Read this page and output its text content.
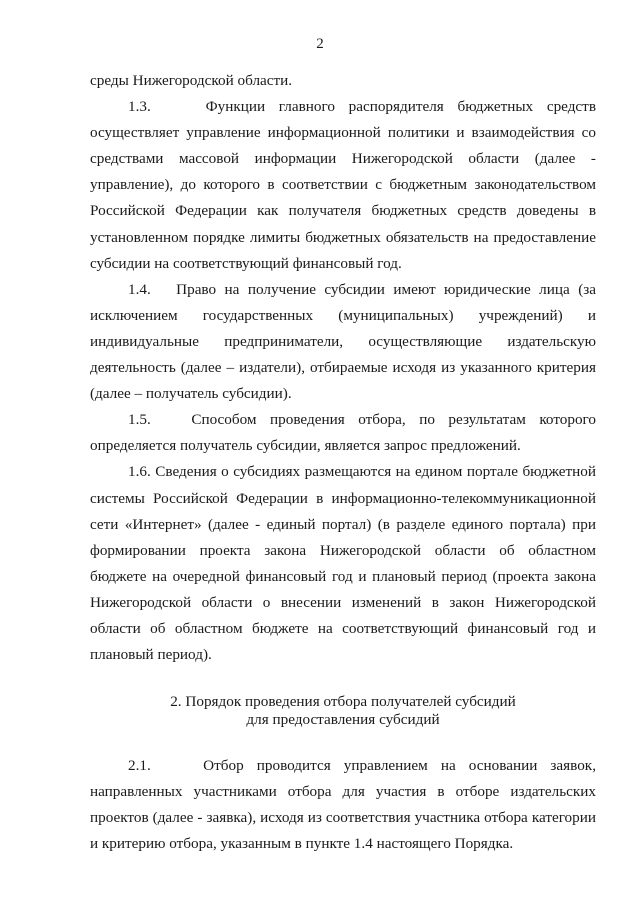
2

среды Нижегородской области.

1.3.    Функции главного распорядителя бюджетных средств осуществляет управление информационной политики и взаимодействия со средствами массовой информации Нижегородской области (далее - управление), до которого в соответствии с бюджетным законодательством Российской Федерации как получателя бюджетных средств доведены в установленном порядке лимиты бюджетных обязательств на предоставление субсидии на соответствующий финансовый год.

1.4.   Право на получение субсидии имеют юридические лица (за исключением государственных (муниципальных) учреждений) и индивидуальные предприниматели, осуществляющие издательскую деятельность (далее – издатели), отбираемые исходя из указанного критерия (далее – получатель субсидии).

1.5.   Способом проведения отбора, по результатам которого определяется получатель субсидии, является запрос предложений.

1.6. Сведения о субсидиях размещаются на едином портале бюджетной системы Российской Федерации в информационно-телекоммуникационной сети «Интернет» (далее - единый портал) (в разделе единого портала) при формировании проекта закона Нижегородской области об областном бюджете на очередной финансовый год и плановый период (проекта закона Нижегородской области о внесении изменений в закон Нижегородской области об областном бюджете на соответствующий финансовый год и плановый период).

2. Порядок проведения отбора получателей субсидий
для предоставления субсидий

2.1.    Отбор проводится управлением на основании заявок, направленных участниками отбора для участия в отборе издательских проектов (далее - заявка), исходя из соответствия участника отбора категории и критерию отбора, указанным в пункте 1.4 настоящего Порядка.
